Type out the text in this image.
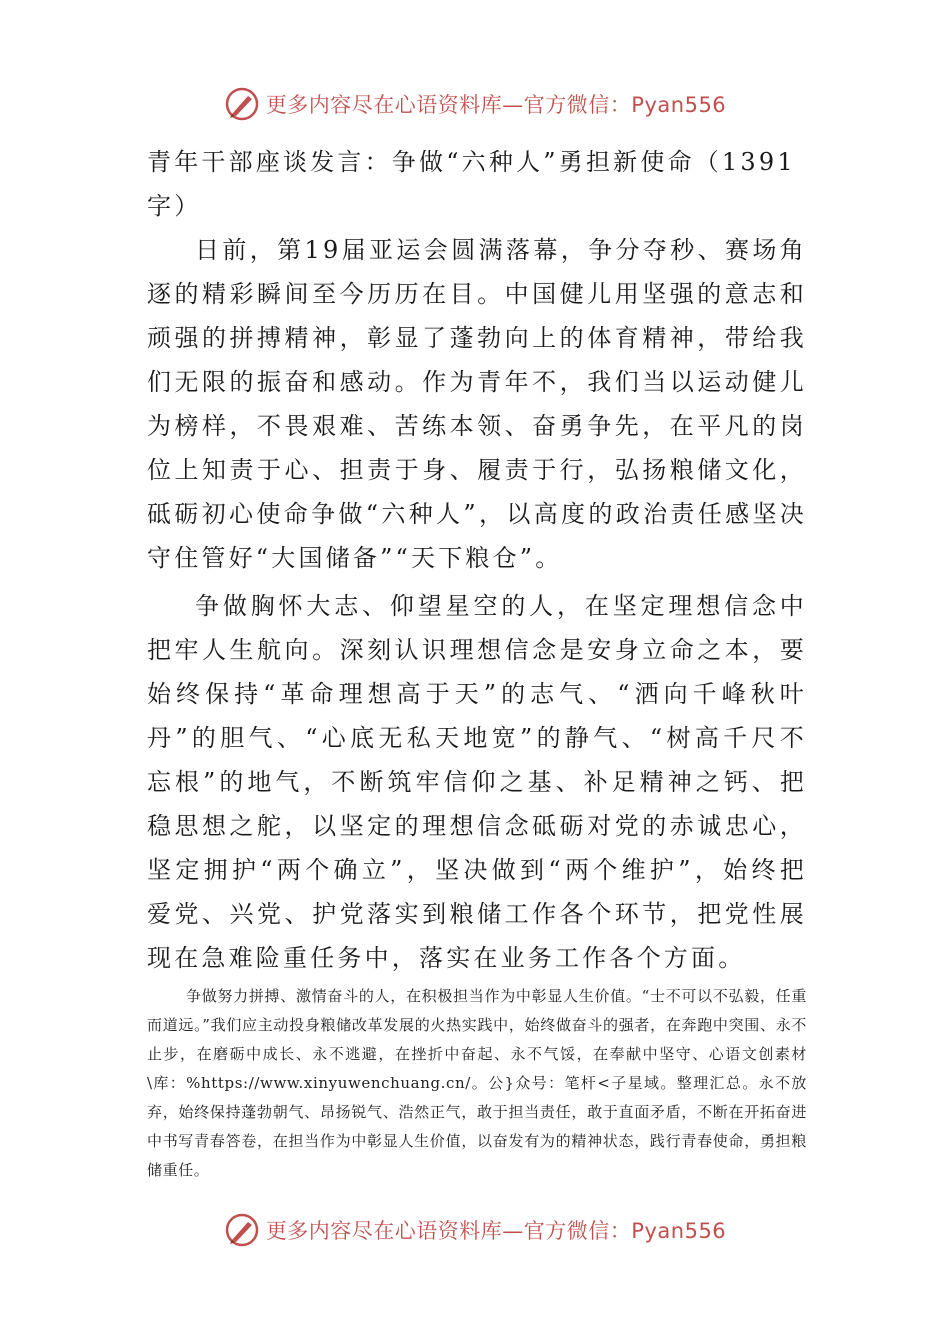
更多内容尽在心语资料库—官方微信：Pyan556
青年干部座谈发言：争做“六种人”勇担新使命（1391字）

日前，第19届亚运会圆满落幕，争分夺秒、赛场角逐的精彩瞬间至今历历在目。中国健儿用坚强的意志和顽强的拼搏精神，彰显了蓬勃向上的体育精神，带给我们无限的振奋和感动。作为青年不，我们当以运动健儿为榜样，不畏艰难、苦练本领、奋勇争先，在平凡的岗位上知责于心、担责于身、履责于行，弘扬粮储文化，砥砺初心使命争做“六种人”，以高度的政治责任感坚决守住管好“大国储备”“天下粮仓”。

争做胸怀大志、仰望星空的人，在坚定理想信念中把牢人生航向。深刻认识理想信念是安身立命之本，要始终保持“革命理想高于天”的志气、“洒向千峰秋叶丹”的胆气、“心底无私天地宽”的静气、“树高千尺不忘根”的地气，不断筑牢信仰之基、补足精神之钙、把稳思想之舵，以坚定的理想信念砥砺对党的赤诚忠心，坚定拥护“两个确立”，坚决做到“两个维护”，始终把爱党、兴党、护党落实到粮储工作各个环节，把党性展现在急难险重任务中，落实在业务工作各个方面。

争做努力拼搏、激情奋斗的人，在积极担当作为中彰显人生价值。“士不可以不弘毅，任重而道远。”我们应主动投身粮储改革发展的火热实践中，始终做奋斗的强者，在奔跑中突围、永不止步，在磨砺中成长、永不逃避，在挫折中奋起、永不气馁，在奉献中坚守、心语文创素材\库：%https://www.xinyuwenchuang.cn/。公}众号：笔杆<子星域。整理汇总。永不放弃，始终保持蓬勃朝气、昂扬锐气、浩然正气，敢于担当责任，敢于直面矛盾，不断在开拓奋进中书写青春答卷，在担当作为中彰显人生价值，以奋发有为的精神状态，践行青春使命，勇担粮储重任。

更多内容尽在心语资料库—官方微信：Pyan556
